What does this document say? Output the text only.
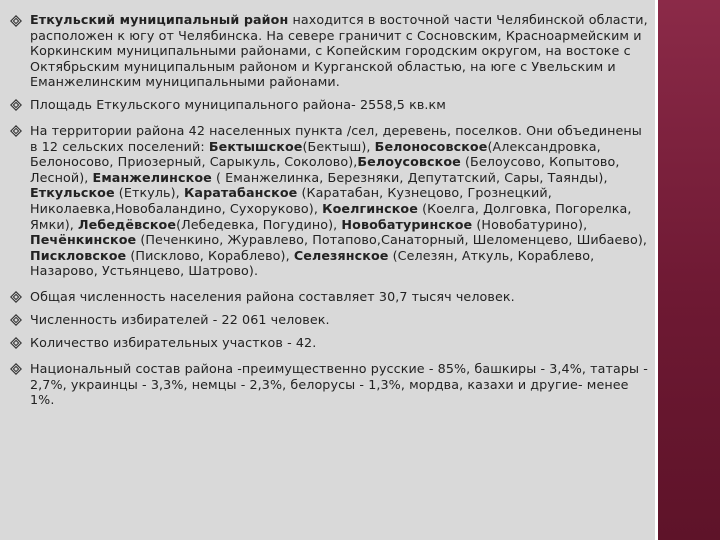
Еткульский муниципальный район находится в восточной части Челябинской области, расположен к югу от Челябинска. На севере граничит с Сосновским, Красноармейским и Коркинским муниципальными районами, с Копейским городским округом, на востоке с Октябрьским муниципальным районом и Курганской областью, на юге с Увельским и Еманжелинским муниципальными районами.
Площадь Еткульского муниципального района- 2558,5 кв.км
На территории района 42 населенных пункта /сел, деревень, поселков. Они объединены в 12 сельских поселений: Бектышское(Бектыш), Белоносовское(Александровка, Белоносово, Приозерный, Сарыкуль, Соколово),Белоусовское (Белоусово, Копытово, Лесной), Еманжелинское ( Еманжелинка, Березняки, Депутатский, Сары, Таянды), Еткульское (Еткуль), Каратабанское (Каратабан, Кузнецово, Грознецкий, Николаевка,Новобаландино, Сухоруково), Коелгинское (Коелга, Долговка, Погорелка, Ямки), Лебедёвское(Лебедевка, Погудино), Новобатуринское (Новобатурино), Печёнкинское (Печенкино, Журавлево, Потапово,Санаторный, Шеломенцево, Шибаево), Пискловское (Пискловo, Кораблево), Селезянское (Селезян, Аткуль, Кораблево, Назарово, Устьянцево, Шатрово).
Общая численность населения района составляет 30,7 тысяч человек.
Численность избирателей - 22 061 человек.
Количество избирательных участков - 42.
Национальный состав района -преимущественно русские - 85%, башкиры - 3,4%, татары - 2,7%, украинцы - 3,3%, немцы - 2,3%, белорусы - 1,3%, мордва, казахи и другие- менее 1%.
